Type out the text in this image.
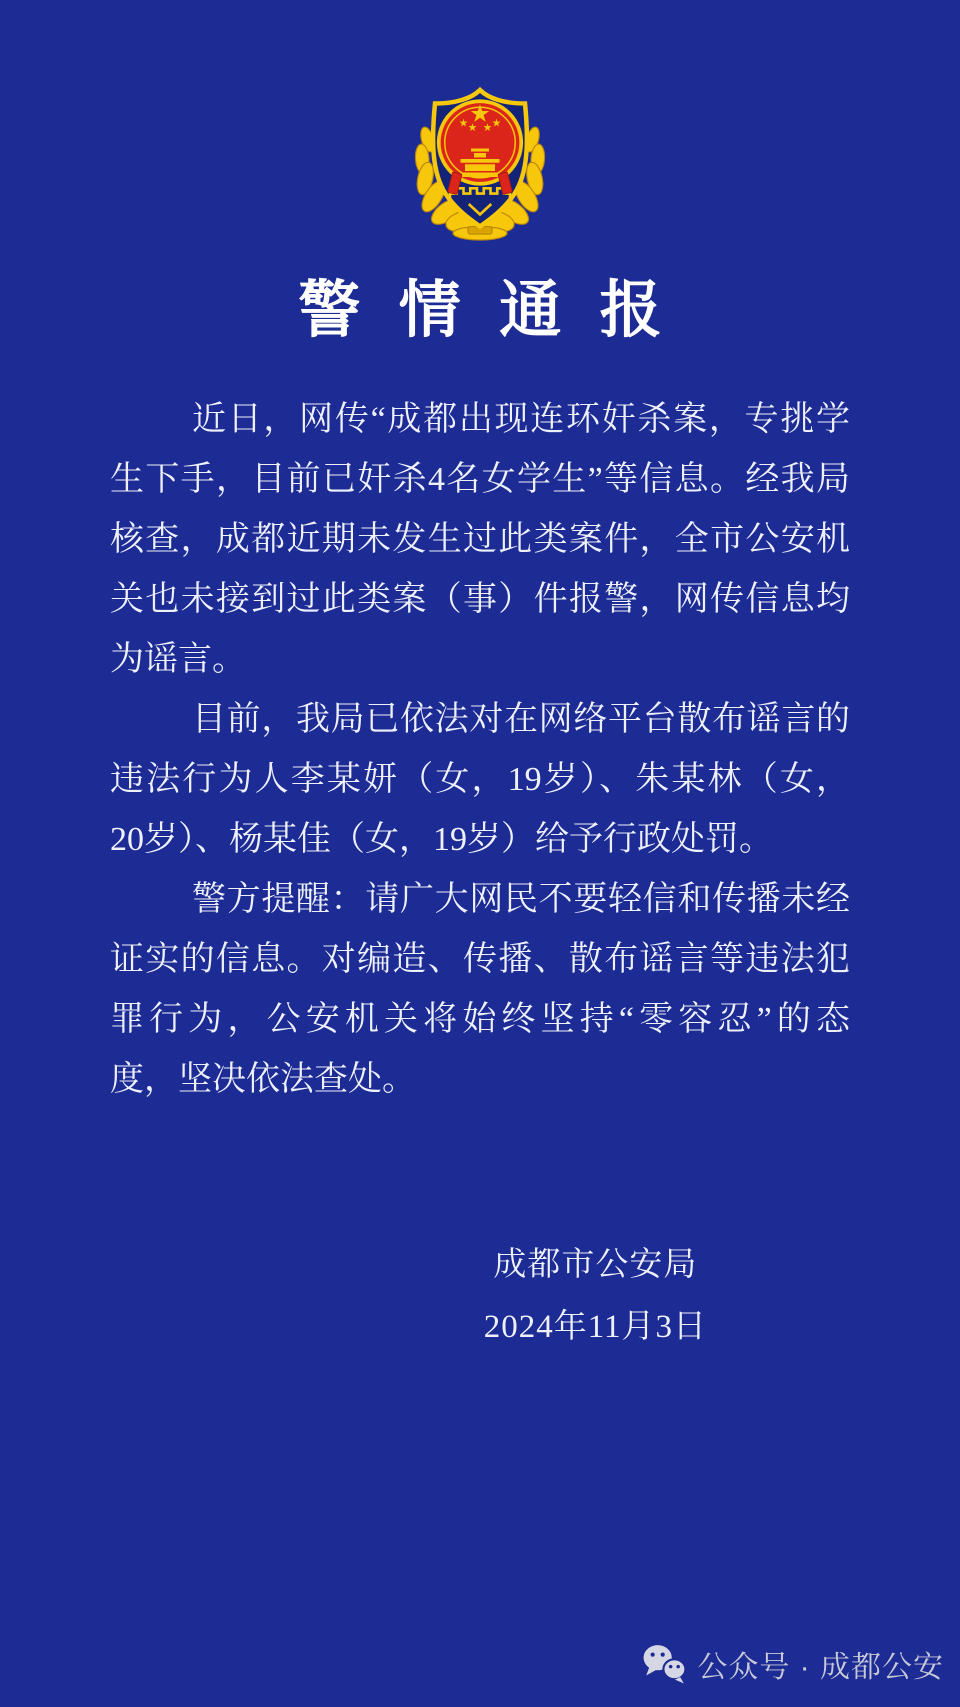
警情通报
近日，网传“成都出现连环奸杀案，专挑学
生下手，目前已奸杀4名女学生”等信息。经我局
核查，成都近期未发生过此类案件，全市公安机
关也未接到过此类案（事）件报警，网传信息均
为谣言。
目前，我局已依法对在网络平台散布谣言的
违法行为人李某妍（女，19岁）、朱某林（女，
20岁）、杨某佳（女，19岁）给予行政处罚。
警方提醒：请广大网民不要轻信和传播未经
证实的信息。对编造、传播、散布谣言等违法犯
罪行为，公安机关将始终坚持“零容忍”的态
度，坚决依法查处。
成都市公安局
2024年11月3日
公众号 · 成都公安
